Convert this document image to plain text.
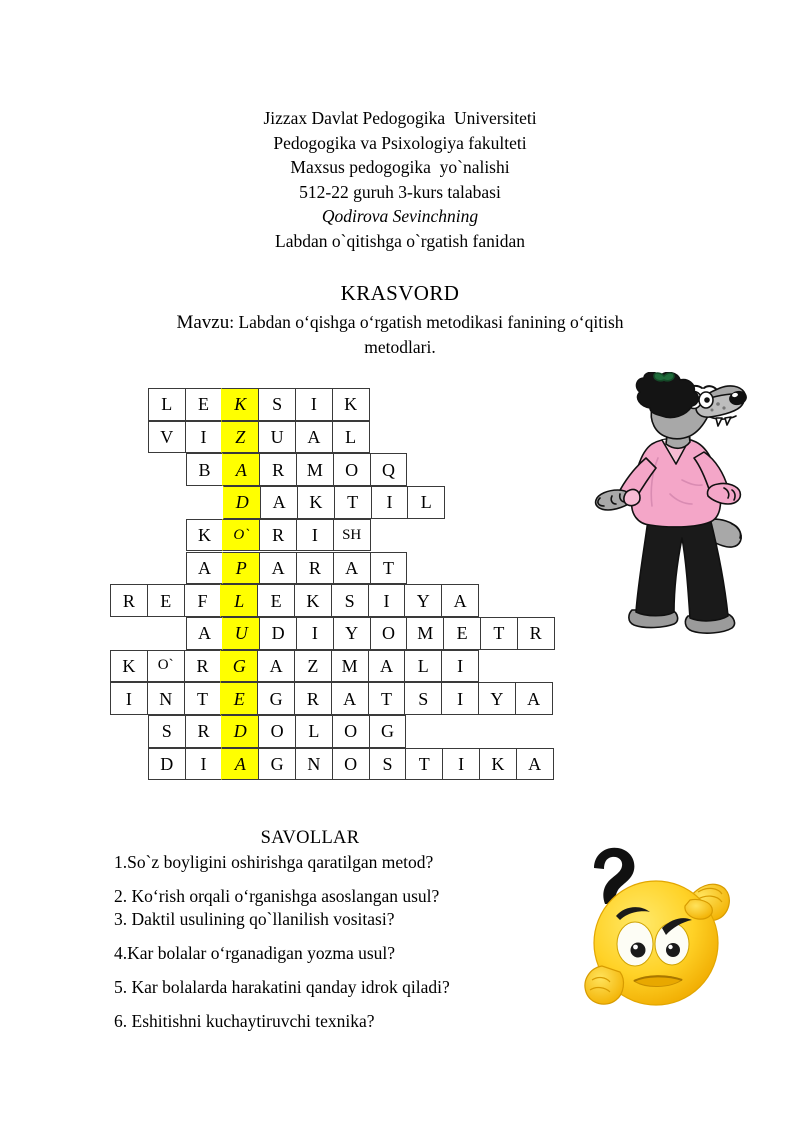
Jizzax Davlat Pedogogika  Universiteti
Pedogogika va Psixologiya fakulteti
Maxsus pedogogika  yo`nalishi
512-22 guruh 3-kurs talabasi
Qodirova Sevinchning
Labdan o`qitishga o`rgatish fanidan
KRASVORD
Mavzu: Labdan o‘qishga o‘rgatish metodikasi fanining o‘qitish metodlari.
L	E	K	S	I	K
V	I	Z	U	A	L
B	A	R	M	O	Q
D	A	K	T	I	L
K	O`	R	I	SH
A	P	A	R	A	T
R	E	F	L	E	K	S	I	Y	A
A	U	D	I	Y	O	M	E	T	R
K	O`	R	G	A	Z	M	A	L	I
I	N	T	E	G	R	A	T	S	I	Y	A
S	R	D	O	L	O	G
D	I	A	G	N	O	S	T	I	K	A
SAVOLLAR
1.So`z boyligini oshirishga qaratilgan metod?
2. Ko‘rish orqali o‘rganishga asoslangan usul?
3. Daktil usulining qo`llanilish vositasi?
4.Kar bolalar o‘rganadigan yozma usul?
5. Kar bolalarda harakatini qanday idrok qiladi?
6. Eshitishni kuchaytiruvchi texnika?
